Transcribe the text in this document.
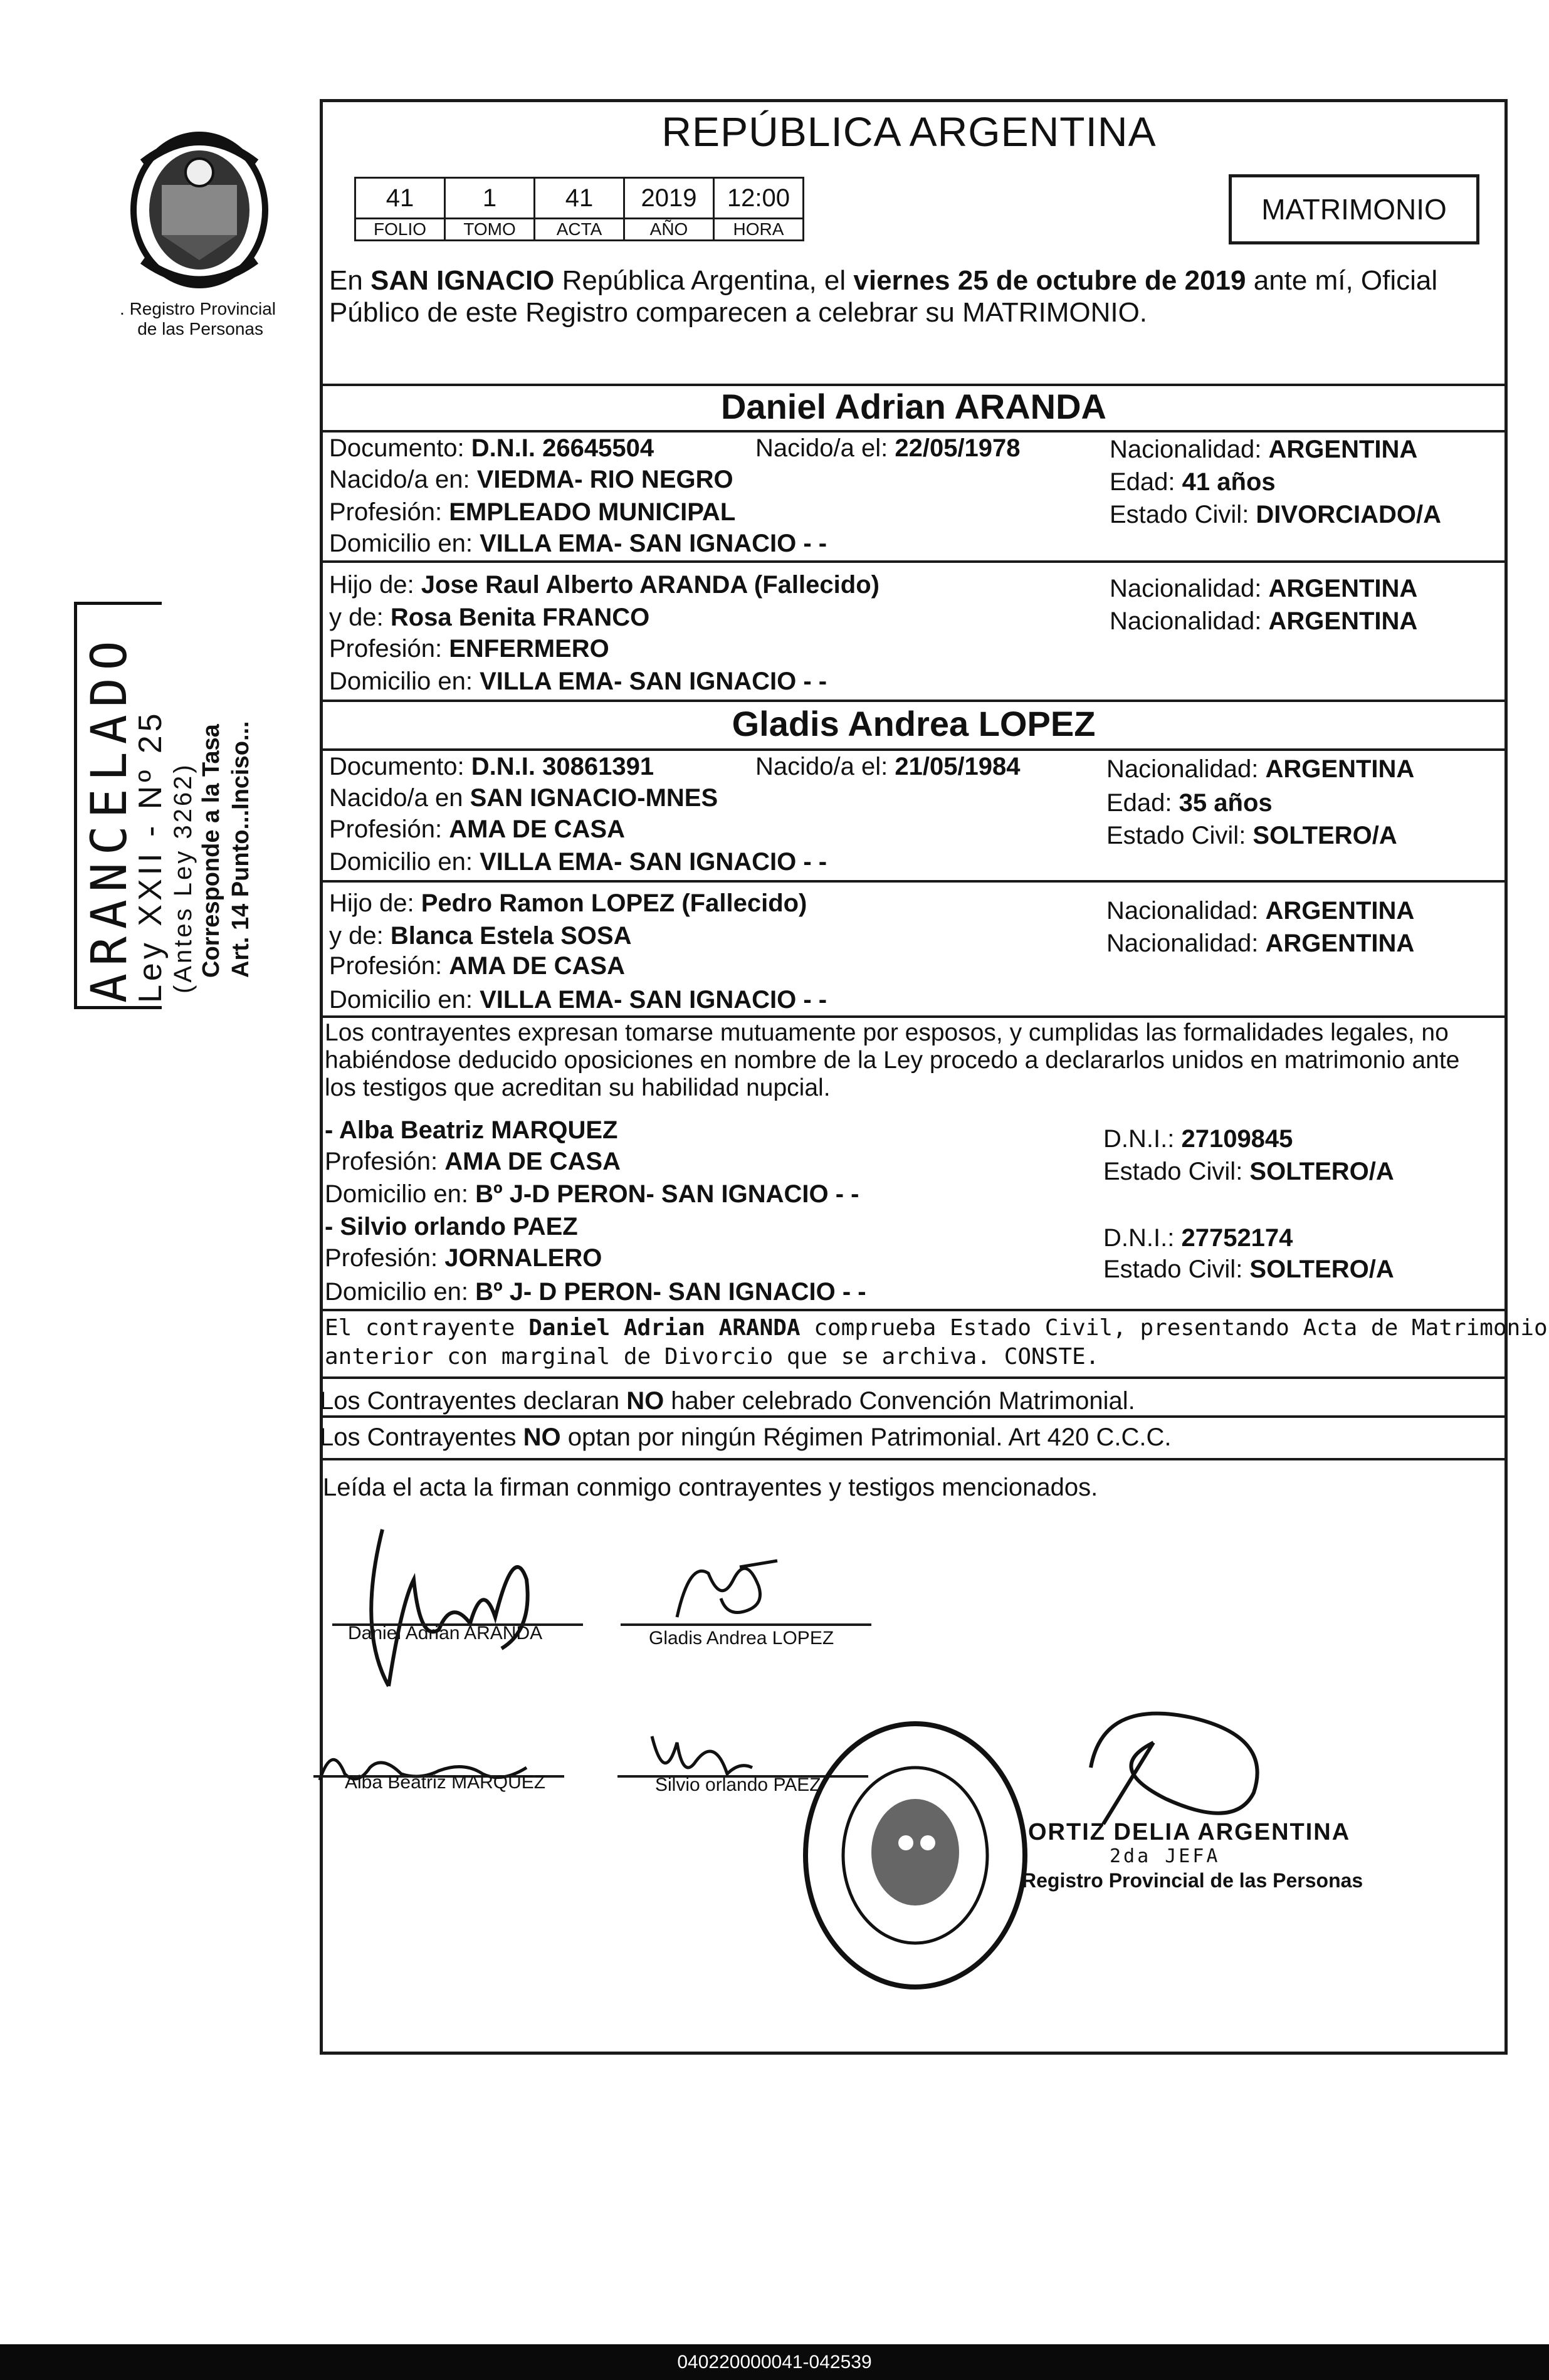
. Registro Provincial
de las Personas
ARANCELADO
Ley XXII - Nº 25 (Antes Ley 3262) Corresponde a la Tasa Art. 14 Punto...Inciso...
REPÚBLICA ARGENTINA
41	1	41	2019	12:00
FOLIO	TOMO	ACTA	AÑO	HORA
MATRIMONIO
En SAN IGNACIO República Argentina, el viernes 25 de octubre de 2019 ante mí, Oficial
Público de este Registro comparecen a celebrar su MATRIMONIO.
Daniel Adrian ARANDA
Documento: D.N.I. 26645504	Nacido/a el: 22/05/1978	Nacionalidad: ARGENTINA
Nacido/a en: VIEDMA- RIO NEGRO	Edad: 41 años
Profesión: EMPLEADO MUNICIPAL	Estado Civil: DIVORCIADO/A
Domicilio en: VILLA EMA- SAN IGNACIO - -
Hijo de: Jose Raul Alberto ARANDA (Fallecido)	Nacionalidad: ARGENTINA
y de: Rosa Benita FRANCO	Nacionalidad: ARGENTINA
Profesión: ENFERMERO
Domicilio en: VILLA EMA- SAN IGNACIO - -
Gladis Andrea LOPEZ
Documento: D.N.I. 30861391	Nacido/a el: 21/05/1984	Nacionalidad: ARGENTINA
Nacido/a en SAN IGNACIO-MNES	Edad: 35 años
Profesión: AMA DE CASA	Estado Civil: SOLTERO/A
Domicilio en: VILLA EMA- SAN IGNACIO - -
Hijo de: Pedro Ramon LOPEZ (Fallecido)	Nacionalidad: ARGENTINA
y de: Blanca Estela SOSA	Nacionalidad: ARGENTINA
Profesión: AMA DE CASA
Domicilio en: VILLA EMA- SAN IGNACIO - -
Los contrayentes expresan tomarse mutuamente por esposos, y cumplidas las formalidades legales, no
habiéndose deducido oposiciones en nombre de la Ley procedo a declararlos unidos en matrimonio ante
los testigos que acreditan su habilidad nupcial.
- Alba Beatriz MARQUEZ	D.N.I.: 27109845
Profesión: AMA DE CASA	Estado Civil: SOLTERO/A
Domicilio en: Bº J-D PERON- SAN IGNACIO - -
- Silvio orlando PAEZ	D.N.I.: 27752174
Profesión: JORNALERO	Estado Civil: SOLTERO/A
Domicilio en: Bº J- D PERON- SAN IGNACIO - -
El contrayente Daniel Adrian ARANDA comprueba Estado Civil, presentando Acta de Matrimonio
anterior con marginal de Divorcio que se archiva. CONSTE.
Los Contrayentes declaran NO haber celebrado Convención Matrimonial.
Los Contrayentes NO optan por ningún Régimen Patrimonial. Art 420 C.C.C.
Leída el acta la firman conmigo contrayentes y testigos mencionados.
Daniel Adrian ARANDA	Gladis Andrea LOPEZ
Alba Beatriz MARQUEZ	Silvio orlando PAEZ
ORTIZ DELIA ARGENTINA
2da JEFA
Registro Provincial de las Personas
040220000041-042539
